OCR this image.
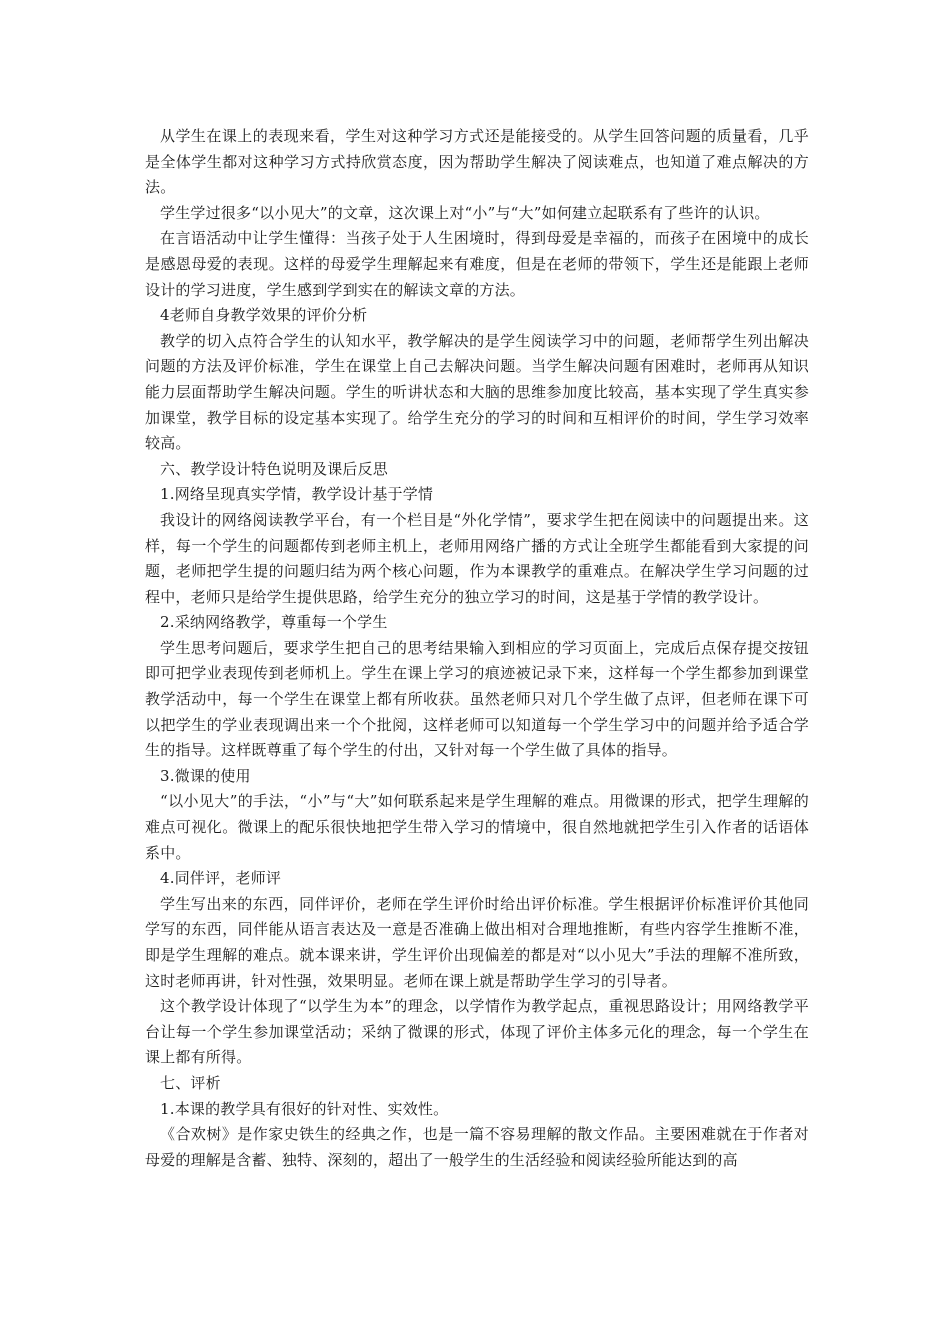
从学生在课上的表现来看，学生对这种学习方式还是能接受的。从学生回答问题的质量看，几乎是全体学生都对这种学习方式持欣赏态度，因为帮助学生解决了阅读难点，也知道了难点解决的方法。

学生学过很多“以小见大”的文章，这次课上对“小”与“大”如何建立起联系有了些许的认识。

在言语活动中让学生懂得：当孩子处于人生困境时，得到母爱是幸福的，而孩子在困境中的成长是感恩母爱的表现。这样的母爱学生理解起来有难度，但是在老师的带领下，学生还是能跟上老师设计的学习进度，学生感到学到实在的解读文章的方法。

4老师自身教学效果的评价分析

教学的切入点符合学生的认知水平，教学解决的是学生阅读学习中的问题，老师帮学生列出解决问题的方法及评价标准，学生在课堂上自己去解决问题。当学生解决问题有困难时，老师再从知识能力层面帮助学生解决问题。学生的听讲状态和大脑的思维参加度比较高，基本实现了学生真实参加课堂，教学目标的设定基本实现了。给学生充分的学习的时间和互相评价的时间，学生学习效率较高。

六、教学设计特色说明及课后反思

1.网络呈现真实学情，教学设计基于学情

我设计的网络阅读教学平台，有一个栏目是“外化学情”，要求学生把在阅读中的问题提出来。这样，每一个学生的问题都传到老师主机上，老师用网络广播的方式让全班学生都能看到大家提的问题，老师把学生提的问题归结为两个核心问题，作为本课教学的重难点。在解决学生学习问题的过程中，老师只是给学生提供思路，给学生充分的独立学习的时间，这是基于学情的教学设计。

2.采纳网络教学，尊重每一个学生

学生思考问题后，要求学生把自己的思考结果输入到相应的学习页面上，完成后点保存提交按钮即可把学业表现传到老师机上。学生在课上学习的痕迹被记录下来，这样每一个学生都参加到课堂教学活动中，每一个学生在课堂上都有所收获。虽然老师只对几个学生做了点评，但老师在课下可以把学生的学业表现调出来一个个批阅，这样老师可以知道每一个学生学习中的问题并给予适合学生的指导。这样既尊重了每个学生的付出，又针对每一个学生做了具体的指导。

3.微课的使用

“以小见大”的手法，“小”与“大”如何联系起来是学生理解的难点。用微课的形式，把学生理解的难点可视化。微课上的配乐很快地把学生带入学习的情境中，很自然地就把学生引入作者的话语体系中。

4.同伴评，老师评

学生写出来的东西，同伴评价，老师在学生评价时给出评价标准。学生根据评价标准评价其他同学写的东西，同伴能从语言表达及一意是否准确上做出相对合理地推断，有些内容学生推断不准，即是学生理解的难点。就本课来讲，学生评价出现偏差的都是对“以小见大”手法的理解不准所致，这时老师再讲，针对性强，效果明显。老师在课上就是帮助学生学习的引导者。

这个教学设计体现了“以学生为本”的理念，以学情作为教学起点，重视思路设计；用网络教学平台让每一个学生参加课堂活动；采纳了微课的形式，体现了评价主体多元化的理念，每一个学生在课上都有所得。

七、评析

1.本课的教学具有很好的针对性、实效性。

《合欢树》是作家史铁生的经典之作，也是一篇不容易理解的散文作品。主要困难就在于作者对母爱的理解是含蓄、独特、深刻的，超出了一般学生的生活经验和阅读经验所能达到的高
